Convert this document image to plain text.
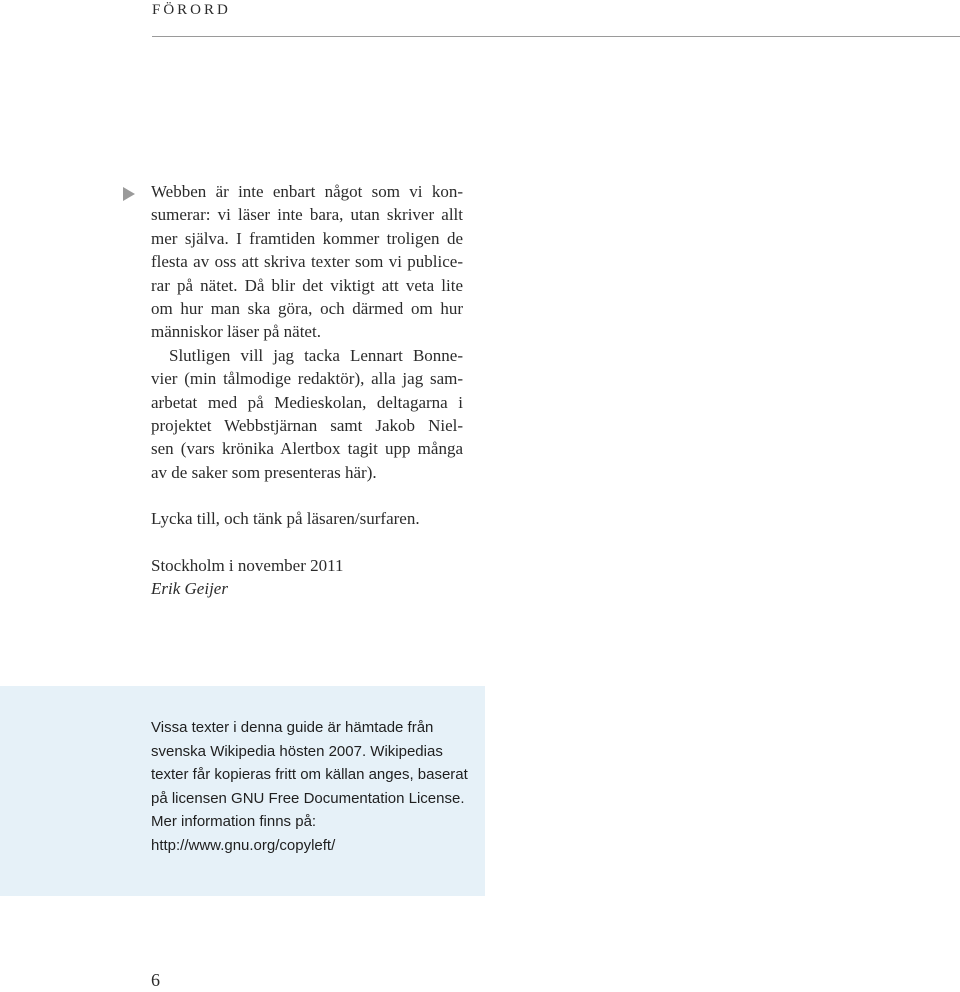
FÖRORD
Webben är inte enbart något som vi kon-
sumerar: vi läser inte bara, utan skriver allt
mer själva. I framtiden kommer troligen de
flesta av oss att skriva texter som vi publice-
rar på nätet. Då blir det viktigt att veta lite
om hur man ska göra, och därmed om hur
människor läser på nätet.
Slutligen vill jag tacka Lennart Bonne-
vier (min tålmodige redaktör), alla jag sam-
arbetat med på Medieskolan, deltagarna i
projektet Webbstjärnan samt Jakob Niel-
sen (vars krönika Alertbox tagit upp många
av de saker som presenteras här).
Lycka till, och tänk på läsaren/surfaren.
Stockholm i november 2011
Erik Geijer
Vissa texter i denna guide är hämtade från
svenska Wikipedia hösten 2007. Wikipedias
texter får kopieras fritt om källan anges, baserat
på licensen GNU Free Documentation License.
Mer information finns på:
http://www.gnu.org/copyleft/
6
